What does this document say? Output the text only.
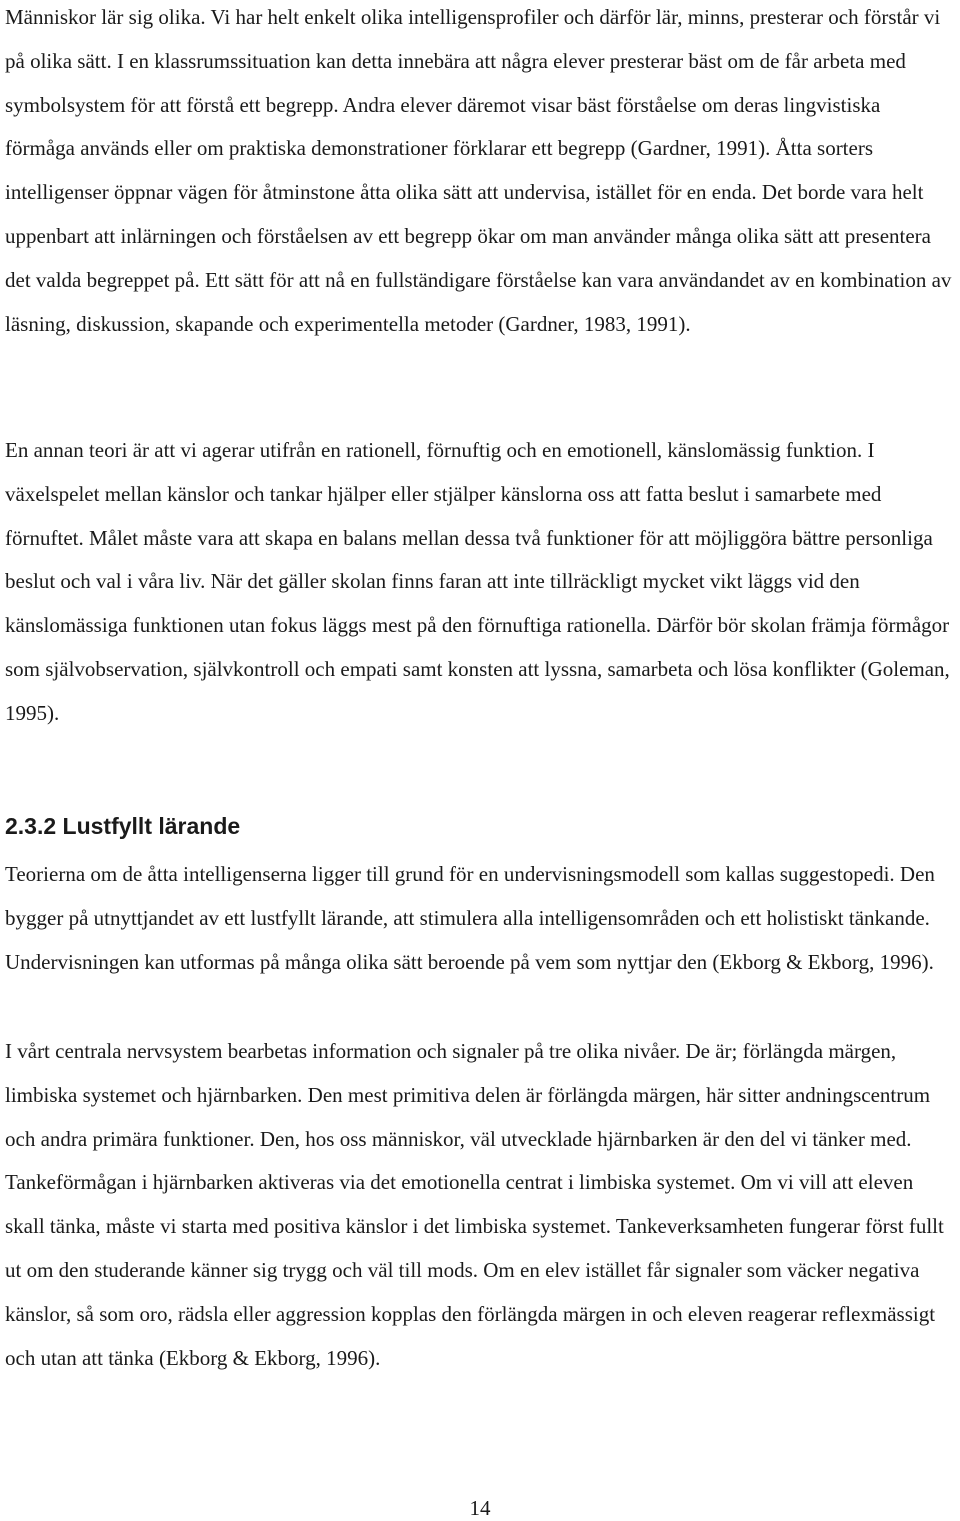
Människor lär sig olika. Vi har helt enkelt olika intelligensprofiler och därför lär, minns, presterar och förstår vi på olika sätt. I en klassrumssituation kan detta innebära att några elever presterar bäst om de får arbeta med symbolsystem för att förstå ett begrepp. Andra elever däremot visar bäst förståelse om deras lingvistiska förmåga används eller om praktiska demonstrationer förklarar ett begrepp (Gardner, 1991). Åtta sorters intelligenser öppnar vägen för åtminstone åtta olika sätt att undervisa, istället för en enda. Det borde vara helt uppenbart att inlärningen och förståelsen av ett begrepp ökar om man använder många olika sätt att presentera det valda begreppet på. Ett sätt för att nå en fullständigare förståelse kan vara användandet av en kombination av läsning, diskussion, skapande och experimentella metoder (Gardner, 1983, 1991).

En annan teori är att vi agerar utifrån en rationell, förnuftig och en emotionell, känslomässig funktion. I växelspelet mellan känslor och tankar hjälper eller stjälper känslorna oss att fatta beslut i samarbete med förnuftet. Målet måste vara att skapa en balans mellan dessa två funktioner för att möjliggöra bättre personliga beslut och val i våra liv. När det gäller skolan finns faran att inte tillräckligt mycket vikt läggs vid den känslomässiga funktionen utan fokus läggs mest på den förnuftiga rationella. Därför bör skolan främja förmågor som självobservation, självkontroll och empati samt konsten att lyssna, samarbeta och lösa konflikter (Goleman, 1995).

2.3.2 Lustfyllt lärande

Teorierna om de åtta intelligenserna ligger till grund för en undervisningsmodell som kallas suggestopedi. Den bygger på utnyttjandet av ett lustfyllt lärande, att stimulera alla intelligensområden och ett holistiskt tänkande. Undervisningen kan utformas på många olika sätt beroende på vem som nyttjar den (Ekborg & Ekborg, 1996).

I vårt centrala nervsystem bearbetas information och signaler på tre olika nivåer. De är; förlängda märgen, limbiska systemet och hjärnbarken. Den mest primitiva delen är förlängda märgen, här sitter andningscentrum och andra primära funktioner. Den, hos oss människor, väl utvecklade hjärnbarken är den del vi tänker med. Tankeförmågan i hjärnbarken aktiveras via det emotionella centrat i limbiska systemet. Om vi vill att eleven skall tänka, måste vi starta med positiva känslor i det limbiska systemet. Tankeverksamheten fungerar först fullt ut om den studerande känner sig trygg och väl till mods. Om en elev istället får signaler som väcker negativa känslor, så som oro, rädsla eller aggression kopplas den förlängda märgen in och eleven reagerar reflexmässigt och utan att tänka (Ekborg & Ekborg, 1996).

14
